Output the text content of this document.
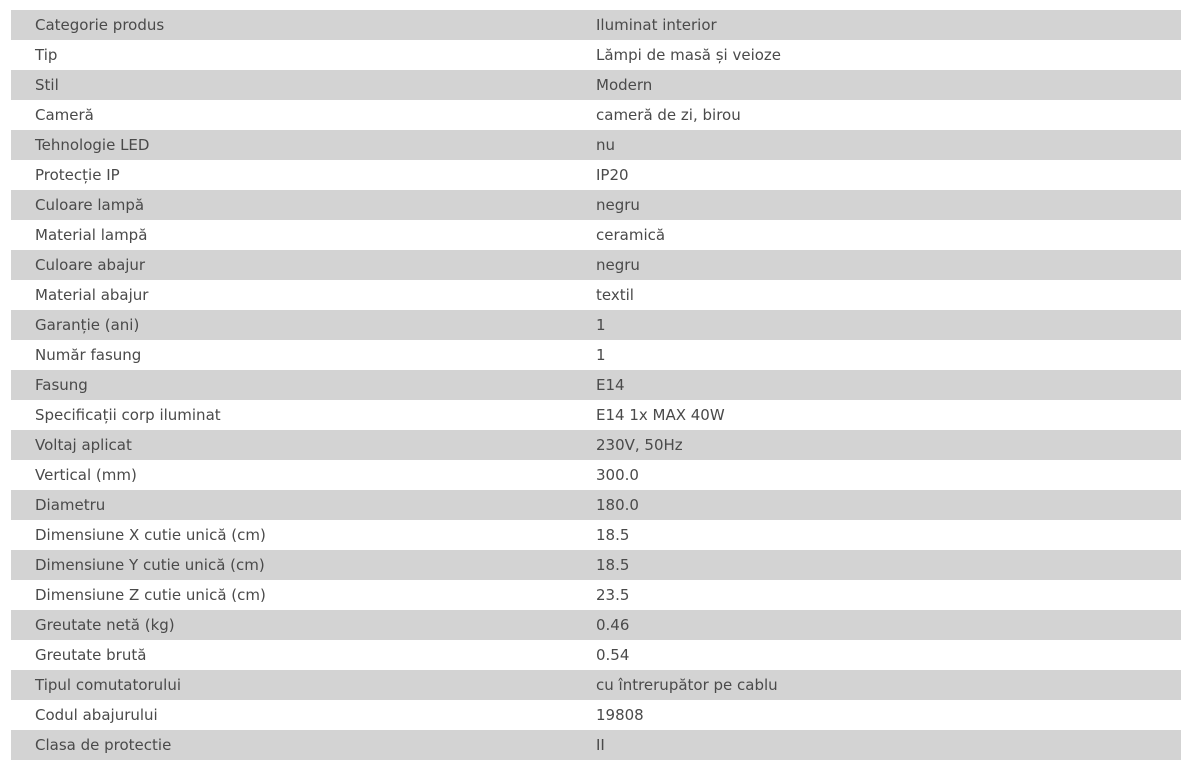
Categorie produs	Iluminat interior
Tip	Lămpi de masă și veioze
Stil	Modern
Cameră	cameră de zi, birou
Tehnologie LED	nu
Protecție IP	IP20
Culoare lampă	negru
Material lampă	ceramică
Culoare abajur	negru
Material abajur	textil
Garanție (ani)	1
Număr fasung	1
Fasung	E14
Specificații corp iluminat	E14 1x MAX 40W
Voltaj aplicat	230V, 50Hz
Vertical (mm)	300.0
Diametru	180.0
Dimensiune X cutie unică (cm)	18.5
Dimensiune Y cutie unică (cm)	18.5
Dimensiune Z cutie unică (cm)	23.5
Greutate netă (kg)	0.46
Greutate brută	0.54
Tipul comutatorului	cu întrerupător pe cablu
Codul abajurului	19808
Clasa de protectie	II
